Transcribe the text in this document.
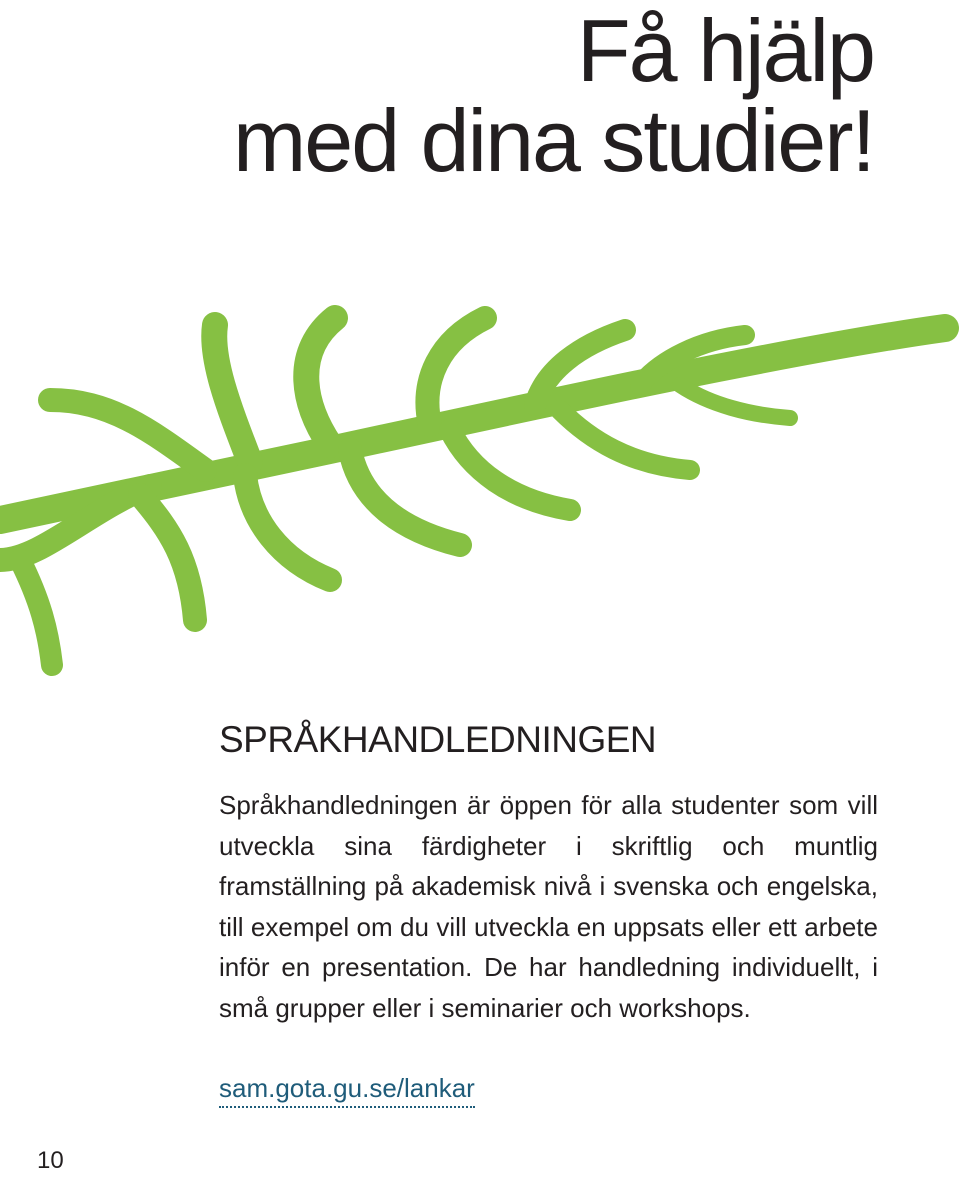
Få hjälp
med dina studier!
SPRÅKHANDLEDNINGEN

Språkhandledningen är öppen för alla studenter som vill utveckla sina färdigheter i skriftlig och muntlig framställning på akademisk nivå i svenska och engelska, till exempel om du vill utveckla en uppsats eller ett arbete inför en presentation. De har handledning individuellt, i små grupper eller i seminarier och workshops.

sam.gota.gu.se/lankar
10
